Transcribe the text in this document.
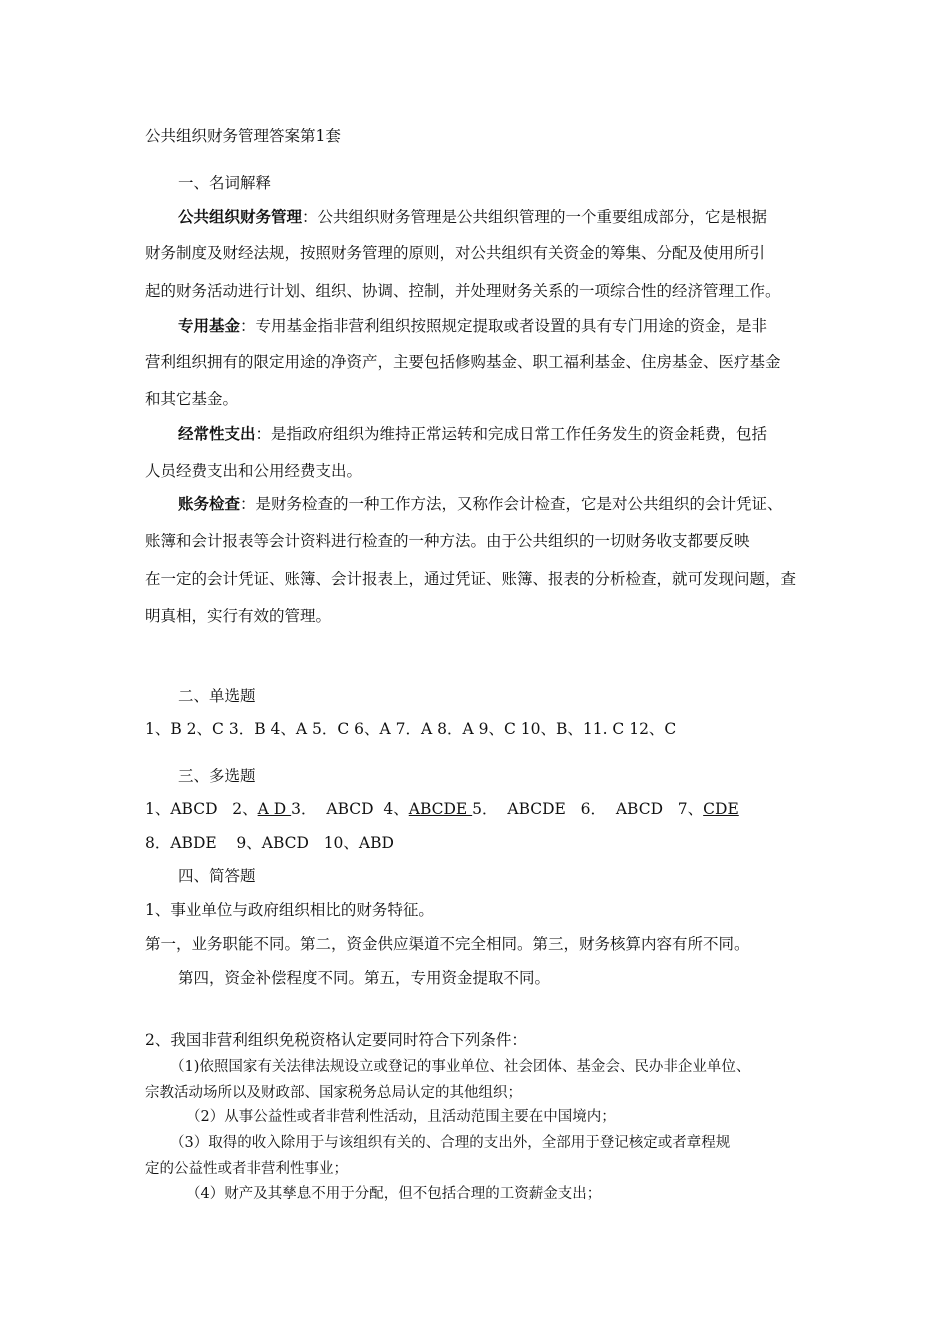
公共组织财务管理答案第1套
一、名词解释
公共组织财务管理：公共组织财务管理是公共组织管理的一个重要组成部分，它是根据
财务制度及财经法规，按照财务管理的原则，对公共组织有关资金的筹集、分配及使用所引
起的财务活动进行计划、组织、协调、控制，并处理财务关系的一项综合性的经济管理工作。
专用基金：专用基金指非营利组织按照规定提取或者设置的具有专门用途的资金，是非
营利组织拥有的限定用途的净资产，主要包括修购基金、职工福利基金、住房基金、医疗基金
和其它基金。
经常性支出：是指政府组织为维持正常运转和完成日常工作任务发生的资金耗费，包括
人员经费支出和公用经费支出。
账务检查：是财务检查的一种工作方法，又称作会计检查，它是对公共组织的会计凭证、
账簿和会计报表等会计资料进行检查的一种方法。由于公共组织的一切财务收支都要反映
在一定的会计凭证、账簿、会计报表上，通过凭证、账簿、报表的分析检查，就可发现问题，查
明真相，实行有效的管理。
二、单选题
1、B 2、C 3．B 4、A 5．C 6、A 7．A 8．A 9、C 10、B、11. C 12、C
三、多选题
1、ABCD   2、A D 3．  ABCD  4、ABCDE 5．  ABCDE   6．  ABCD   7、CDE
8．ABDE    9、ABCD   10、ABD
四、简答题
1、事业单位与政府组织相比的财务特征。
第一，业务职能不同。第二，资金供应渠道不完全相同。第三，财务核算内容有所不同。
第四，资金补偿程度不同。第五，专用资金提取不同。
2、我国非营利组织免税资格认定要同时符合下列条件：
（1)依照国家有关法律法规设立或登记的事业单位、社会团体、基金会、民办非企业单位、
宗教活动场所以及财政部、国家税务总局认定的其他组织；
（2）从事公益性或者非营利性活动，且活动范围主要在中国境内；
（3）取得的收入除用于与该组织有关的、合理的支出外，全部用于登记核定或者章程规
定的公益性或者非营利性事业；
（4）财产及其孳息不用于分配，但不包括合理的工资薪金支出；
